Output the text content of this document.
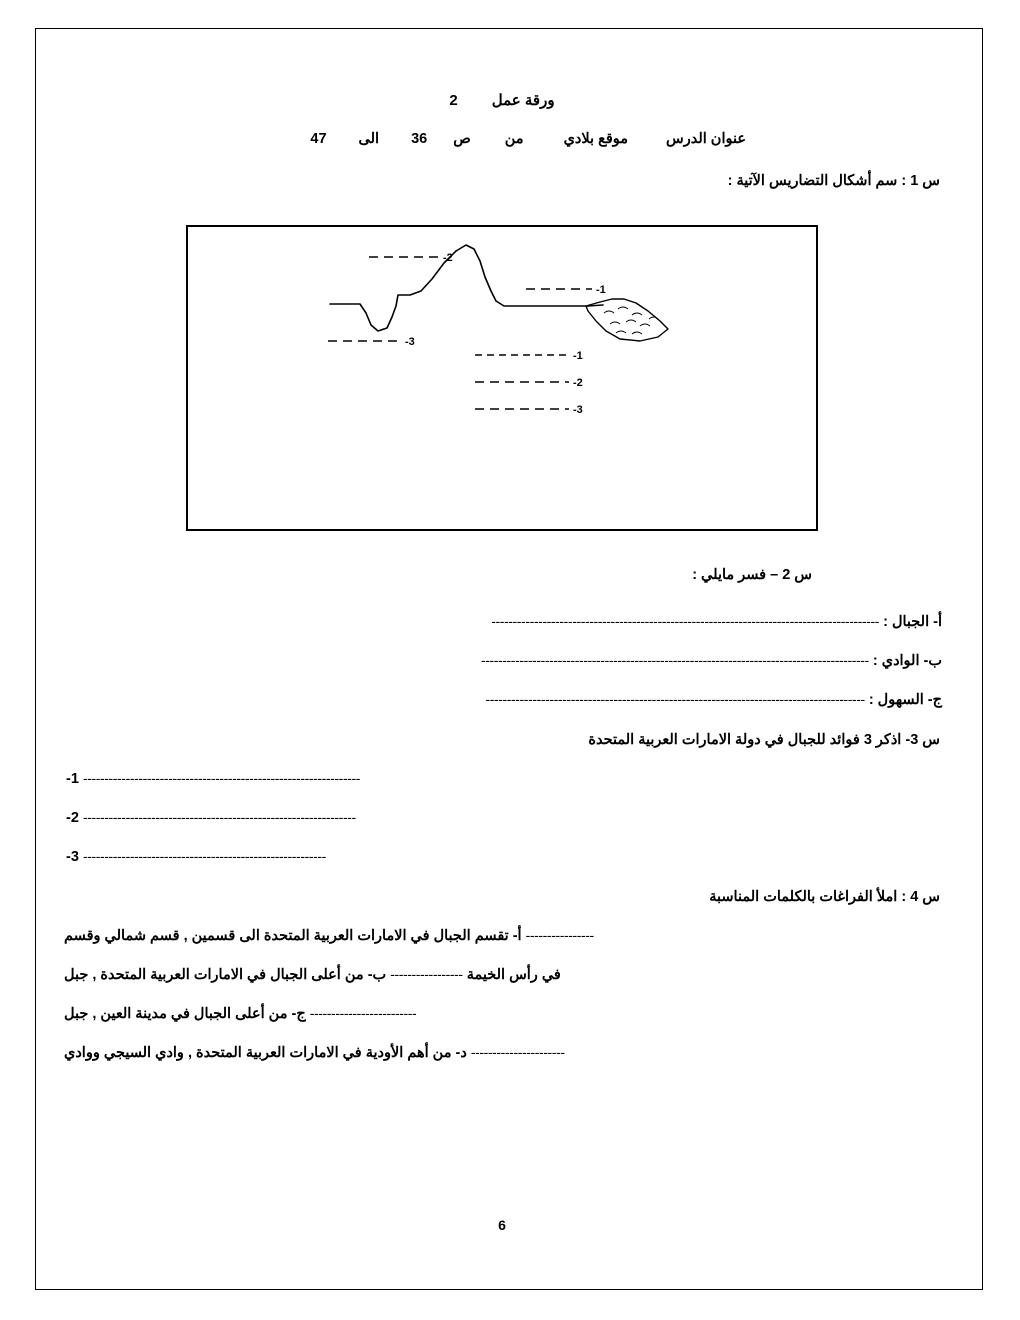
ورقة عمل2
عنوان الدرسموقع بلاديمنص36الى47
س 1 : سم أشكال التضاريس الآتية :
-2
-3
-1
-1
-2
-3
س 2 – فسر مايلي :
أ- الجبال : -------------------------------------------------------------------------------------------
ب- الوادي : -------------------------------------------------------------------------------------------
ج- السهول : -----------------------------------------------------------------------------------------
س 3- اذكر 3 فوائد للجبال في دولة الامارات العربية المتحدة
----------------------------------------------------------------- 1-
---------------------------------------------------------------- 2-
--------------------------------------------------------- 3-
س 4 : املأ الفراغات بالكلمات المناسبة
---------------- أ- تقسم الجبال في الامارات العربية المتحدة الى قسمين , قسم شمالي وقسم
في رأس الخيمة ----------------- ب- من أعلى الجبال في الامارات العربية المتحدة , جبل
------------------------- ج- من أعلى الجبال في مدينة العين , جبل
---------------------- د- من أهم الأودية في الامارات العربية المتحدة , وادي السيجي ووادي
6
